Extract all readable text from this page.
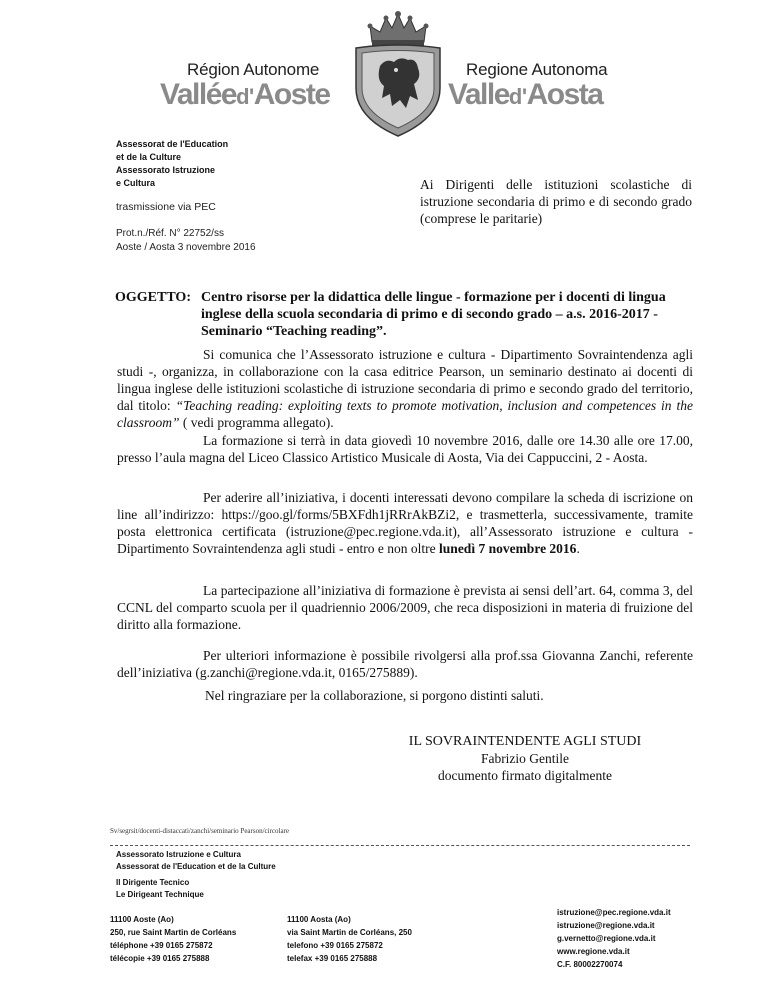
Région Autonome
Valléed'Aoste
Regione Autonoma
Valled'Aosta
Assessorat de l'Education
et de la Culture
Assessorato Istruzione
e Cultura
trasmissione via PEC
Prot.n./Réf. N° 22752/ss
Aoste / Aosta 3 novembre 2016
Ai Dirigenti delle istituzioni scolastiche di istruzione secondaria di primo e di secondo grado (comprese le paritarie)
OGGETTO: Centro risorse per la didattica delle lingue - formazione per i docenti di lingua
inglese della scuola secondaria di primo e di secondo grado – a.s. 2016-2017 -
Seminario “Teaching reading”.
Si comunica che l’Assessorato istruzione e cultura - Dipartimento Sovraintendenza agli studi -, organizza, in collaborazione con la casa editrice Pearson, un seminario destinato ai docenti di lingua inglese delle istituzioni scolastiche di istruzione secondaria di primo e secondo grado del territorio, dal titolo: “Teaching reading: exploiting texts to promote motivation, inclusion and competences in the classroom” ( vedi programma allegato).
La formazione si terrà in data giovedì 10 novembre 2016, dalle ore 14.30 alle ore 17.00, presso l’aula magna del Liceo Classico Artistico Musicale di Aosta, Via dei Cappuccini, 2 - Aosta.
Per aderire all’iniziativa, i docenti interessati devono compilare la scheda di iscrizione on line all’indirizzo: https://goo.gl/forms/5BXFdh1jRRrAkBZi2, e trasmetterla, successivamente, tramite posta elettronica certificata (istruzione@pec.regione.vda.it), all’Assessorato istruzione e cultura - Dipartimento Sovraintendenza agli studi - entro e non oltre lunedì 7 novembre 2016.
La partecipazione all’iniziativa di formazione è prevista ai sensi dell’art. 64, comma 3, del CCNL del comparto scuola per il quadriennio 2006/2009, che reca disposizioni in materia di fruizione del diritto alla formazione.
Per ulteriori informazione è possibile rivolgersi alla prof.ssa Giovanna Zanchi, referente dell’iniziativa (g.zanchi@regione.vda.it, 0165/275889).
Nel ringraziare per la collaborazione, si porgono distinti saluti.
IL SOVRAINTENDENTE AGLI STUDI
Fabrizio Gentile
documento firmato digitalmente
Sv/segrsit/docenti-distaccati/zanchi/seminario Pearson/circolare
Assessorato Istruzione e Cultura
Assessorat de l'Education et de la Culture
Il Dirigente Tecnico
Le Dirigeant Technique
11100 Aoste (Ao)
250, rue Saint Martin de Corléans
téléphone +39 0165 275872
télécopie +39 0165 275888
11100 Aosta (Ao)
via Saint Martin de Corléans, 250
telefono +39 0165 275872
telefax +39 0165 275888
istruzione@pec.regione.vda.it
istruzione@regione.vda.it
g.vernetto@regione.vda.it
www.regione.vda.it
C.F. 80002270074
